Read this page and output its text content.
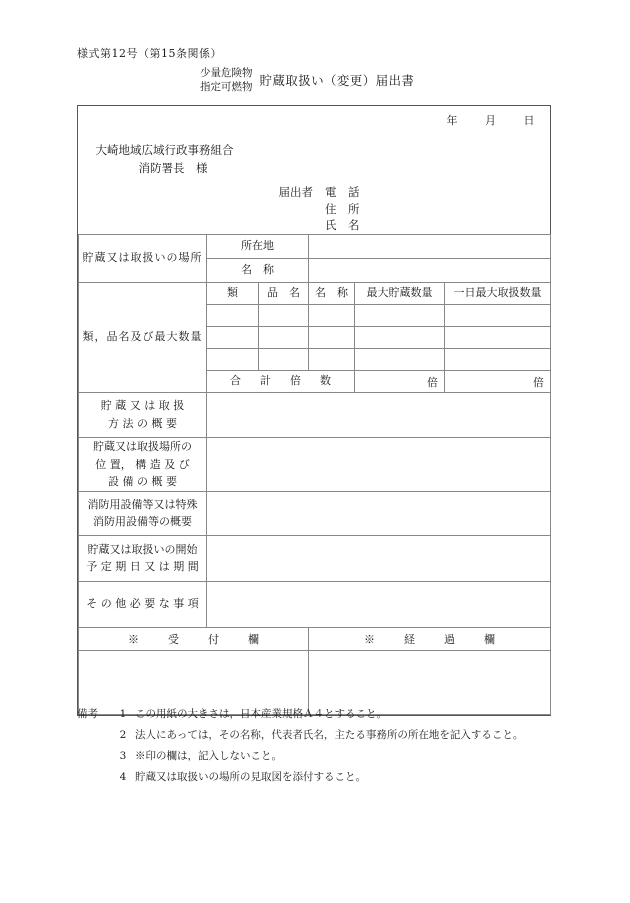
様式第12号（第15条関係）
少量危険物
指定可燃物 貯蔵取扱い（変更）届出書
年	月	日
大崎地域広域行政事務組合
消防署長　様
届出者 電　話
住　所
氏　名

貯蔵又は取扱いの場所	所在地				
	名　称				
類，品名及び最大数量	類	品　名	名　称	最大貯蔵数量	一日最大取扱数量

	合　計　倍　数			倍	倍

貯 蔵 又 は 取 扱
方 法 の 概 要					

貯蔵又は取扱場所の
位 置， 構 造 及 び
設 備 の 概 要					

消防用設備等又は特殊
消防用設備等の概要					

貯蔵又は取扱いの開始
予 定 期 日 又 は 期 間					

そ の 他 必 要 な 事 項					

※　受　付　欄			※　経　過　欄		

備考	1 この用紙の大きさは，日本産業規格Ａ４とすること。
2 法人にあっては，その名称，代表者氏名，主たる事務所の所在地を記入すること。
3 ※印の欄は，記入しないこと。
4 貯蔵又は取扱いの場所の見取図を添付すること。
